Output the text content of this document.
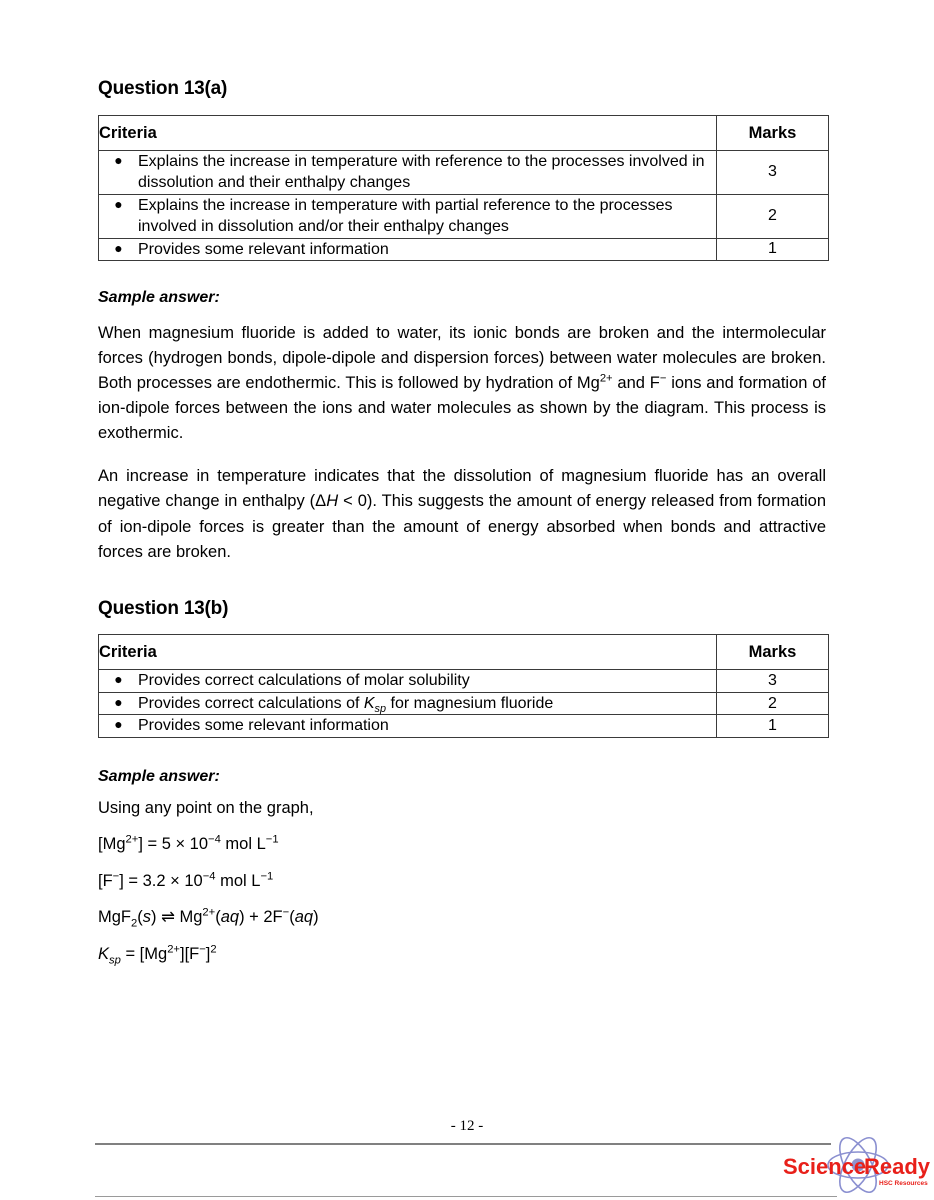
Question 13(a)
Criteria	Marks

● Explains the increase in temperature with reference to the processes involved in dissolution and their enthalpy changes	3

● Explains the increase in temperature with partial reference to the processes involved in dissolution and/or their enthalpy changes	2

● Provides some relevant information	1
Sample answer:

When magnesium fluoride is added to water, its ionic bonds are broken and the intermolecular forces (hydrogen bonds, dipole-dipole and dispersion forces) between water molecules are broken. Both processes are endothermic. This is followed by hydration of $Mg^{2+}$ and F− ions and formation of ion-dipole forces between the ions and water molecules as shown by the diagram. This process is exothermic.

An increase in temperature indicates that the dissolution of magnesium fluoride has an overall negative change in enthalpy (ΔH < 0). This suggests the amount of energy released from formation of ion-dipole forces is greater than the amount of energy absorbed when bonds and attractive forces are broken.

Question 13(b)
Criteria	Marks

● Provides correct calculations of molar solubility	3

● Provides correct calculations of $K_{sp}$ for magnesium fluoride	2

● Provides some relevant information	1
Sample answer:
Using any point on the graph,
$[Mg^{2+}] = 5 \times 10^{-4}$ mol $L^{-1}$
$[F^-] = 3.2 \times 10^{-4}$ mol $L^{-1}$
MgF$_2$(s) ⇌ $Mg^{2+}(aq) + 2F^-(aq)$
$K_{sp} = [Mg^{2+}][F^-]^2$
- 12 -
Science
Ready
HSC Resources
